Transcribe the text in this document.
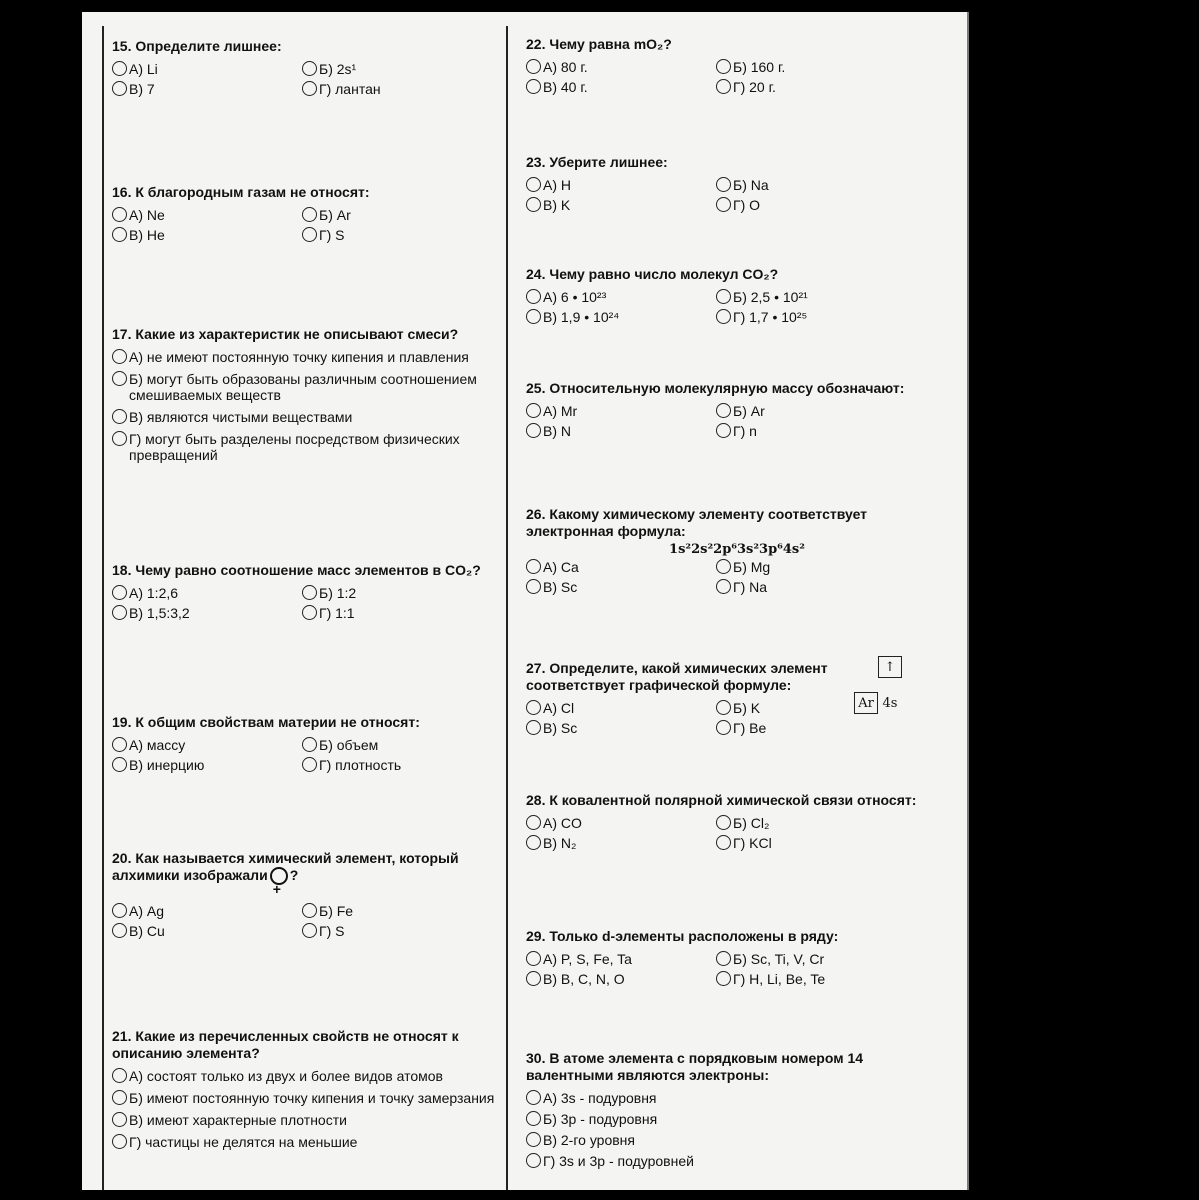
15. Определите лишнее:
А) Li	Б) 2s¹
В) 7	Г) лантан
16. К благородным газам не относят:
А) Ne	Б) Ar
В) He	Г) S
17. Какие из характеристик не описывают смеси?
А) не имеют постоянную точку кипения и плавления
Б) могут быть образованы различным соотношением смешиваемых веществ
В) являются чистыми веществами
Г) могут быть разделены посредством физических превращений
18. Чему равно соотношение масс элементов в CO₂?
А) 1:2,6	Б) 1:2
В) 1,5:3,2	Г) 1:1
19. К общим свойствам материи не относят:
А) массу	Б) объем
В) инерцию	Г) плотность
20. Как называется химический элемент, который алхимики изображали+ ?
А) Ag	Б) Fe
В) Cu	Г) S
21. Какие из перечисленных свойств не относят к описанию элемента?
А) состоят только из двух и более видов атомов
Б) имеют постоянную точку кипения и точку замерзания
В) имеют характерные плотности
Г) частицы не делятся на меньшие
22. Чему равна mO₂?
А) 80 г.	Б) 160 г.
В) 40 г.	Г) 20 г.
23. Уберите лишнее:
А) H	Б) Na
В) K	Г) O
24. Чему равно число молекул CO₂?
А) 6 • 10²³	Б) 2,5 • 10²¹
В) 1,9 • 10²⁴	Г) 1,7 • 10²⁵
25. Относительную молекулярную массу обозначают:
А) Mr	Б) Ar
В) N	Г) n
26. Какому химическому элементу соответствует электронная формула:
1s²2s²2p⁶3s²3p⁶4s²
А) Ca	Б) Mg
В) Sc	Г) Na
27. Определите, какой химических элемент соответствует графической формуле:
↑
Ar 4s
А) Cl	Б) K
В) Sc	Г) Be
28. К ковалентной полярной химической связи относят:
А) CO	Б) Cl₂
В) N₂	Г) KCl
29. Только d-элементы расположены в ряду:
А) P, S, Fe, Ta	Б) Sc, Ti, V, Cr
В) B, C, N, O	Г) H, Li, Be, Te
30. В атоме элемента с порядковым номером 14 валентными являются электроны:
А) 3s - подуровня
Б) 3p - подуровня
В) 2-го уровня
Г) 3s и 3p - подуровней
